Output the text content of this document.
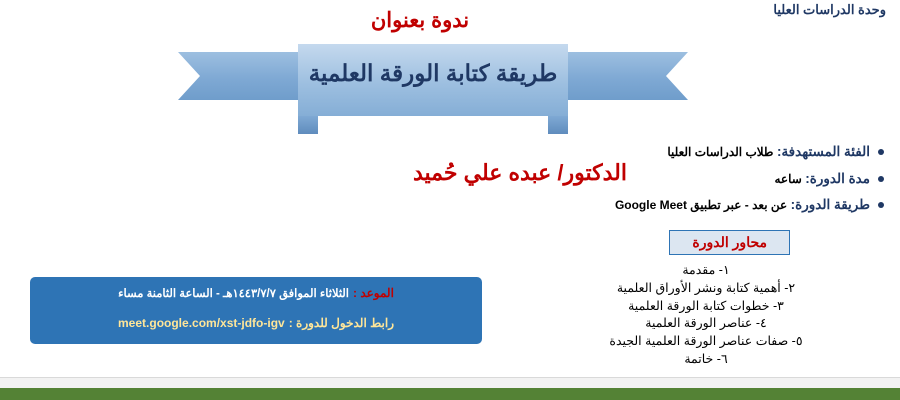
وحدة الدراسات العليا
ندوة بعنوان
طريقة كتابة الورقة العلمية
الدكتور/ عبده علي حُميد
الفئة المستهدفة: طلاب الدراسات العليا
مدة الدورة: ساعه
طريقة الدورة: عن بعد - عبر تطبيق Google Meet
محاور الدورة
١- مقدمة
٢- أهمية كتابة ونشر الأوراق العلمية
٣- خطوات كتابة الورقة العلمية
٤- عناصر الورقة العلمية
٥- صفات عناصر الورقة العلمية الجيدة
٦- خاتمة
الموعد :
الثلاثاء الموافق ١٤٤٣/٧/٧هـ - الساعة الثامنة مساء
رابط الدخول للدورة :
meet.google.com/xst-jdfo-igv
